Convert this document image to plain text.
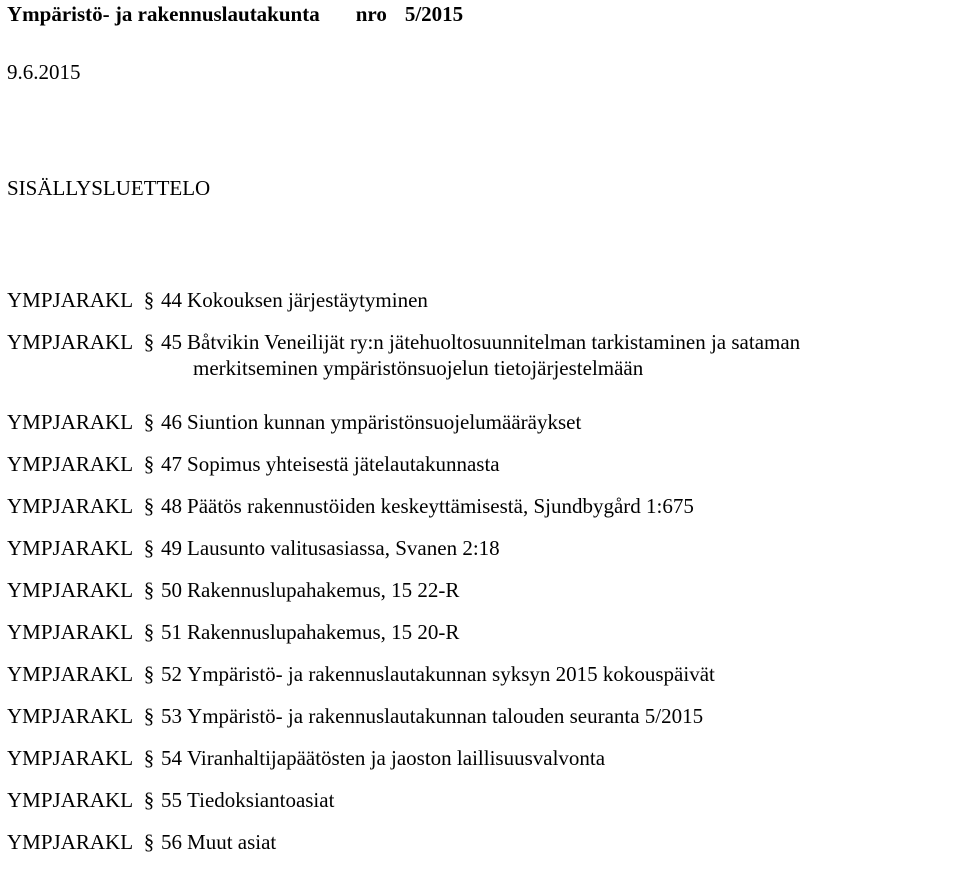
Ympäristö- ja rakennuslautakunta nro 5/2015
9.6.2015
SISÄLLYSLUETTELO
YMPJARAKL § 44 Kokouksen järjestäytyminen
YMPJARAKL § 45 Båtvikin Veneilijät ry:n jätehuoltosuunnitelman tarkistaminen ja sataman
merkitseminen ympäristönsuojelun tietojärjestelmään
YMPJARAKL § 46 Siuntion kunnan ympäristönsuojelumääräykset
YMPJARAKL § 47 Sopimus yhteisestä jätelautakunnasta
YMPJARAKL § 48 Päätös rakennustöiden keskeyttämisestä, Sjundbygård 1:675
YMPJARAKL § 49 Lausunto valitusasiassa, Svanen 2:18
YMPJARAKL § 50 Rakennuslupahakemus, 15 22-R
YMPJARAKL § 51 Rakennuslupahakemus, 15 20-R
YMPJARAKL § 52 Ympäristö- ja rakennuslautakunnan syksyn 2015 kokouspäivät
YMPJARAKL § 53 Ympäristö- ja rakennuslautakunnan talouden seuranta 5/2015
YMPJARAKL § 54 Viranhaltijapäätösten ja jaoston laillisuusvalvonta
YMPJARAKL § 55 Tiedoksiantoasiat
YMPJARAKL § 56 Muut asiat
